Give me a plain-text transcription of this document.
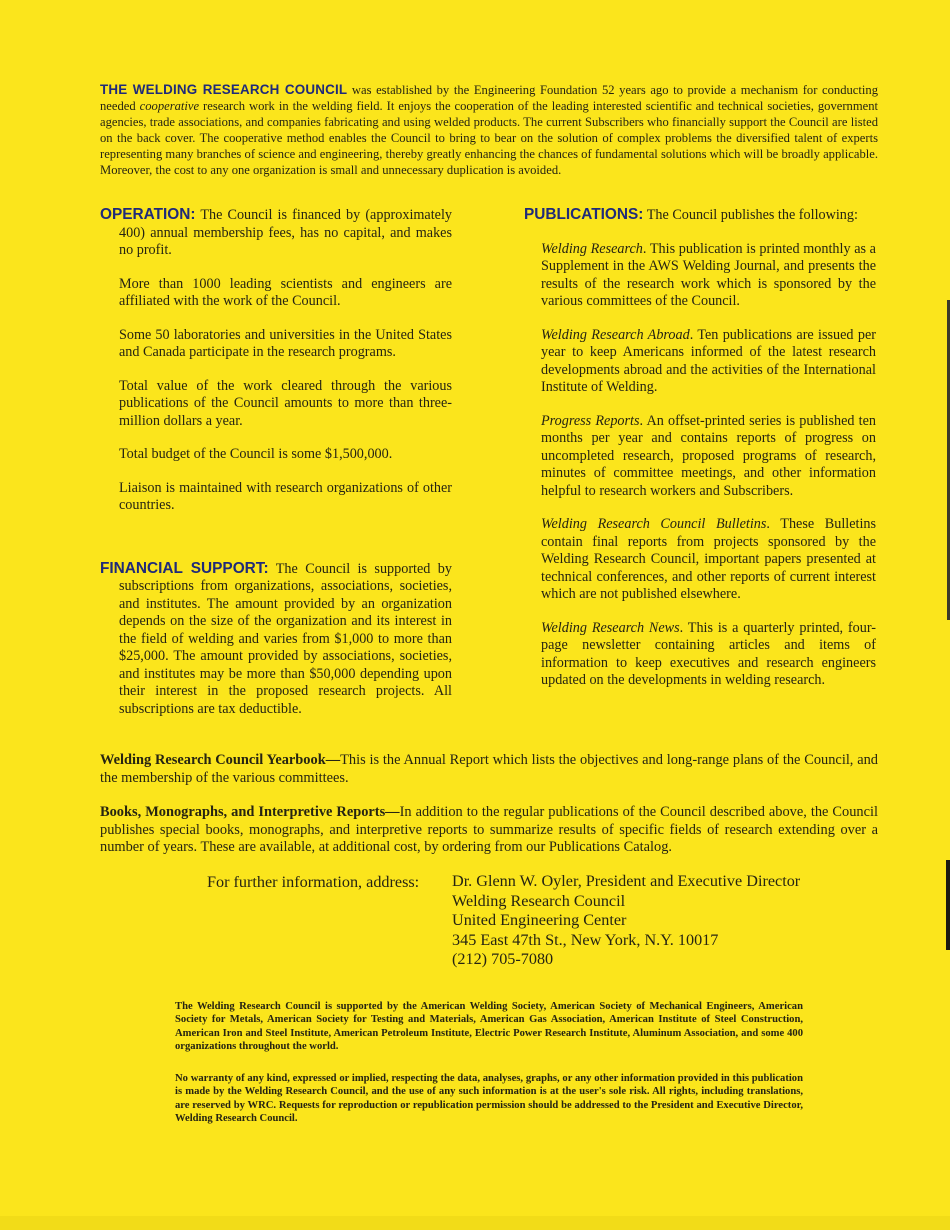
THE WELDING RESEARCH COUNCIL was established by the Engineering Foundation 52 years ago to provide a mechanism for conducting needed cooperative research work in the welding field. It enjoys the cooperation of the leading interested scientific and technical societies, government agencies, trade associations, and companies fabricating and using welded products. The current Subscribers who financially support the Council are listed on the back cover. The cooperative method enables the Council to bring to bear on the solution of complex problems the diversified talent of experts representing many branches of science and engineering, thereby greatly enhancing the chances of fundamental solutions which will be broadly applicable. Moreover, the cost to any one organization is small and unnecessary duplication is avoided.

OPERATION: The Council is financed by (approximately 400) annual membership fees, has no capital, and makes no profit.

More than 1000 leading scientists and engineers are affiliated with the work of the Council.

Some 50 laboratories and universities in the United States and Canada participate in the research programs.

Total value of the work cleared through the various publications of the Council amounts to more than three-million dollars a year.

Total budget of the Council is some $1,500,000.

Liaison is maintained with research organizations of other countries.

FINANCIAL SUPPORT: The Council is supported by subscriptions from organizations, associations, societies, and institutes. The amount provided by an organization depends on the size of the organization and its interest in the field of welding and varies from $1,000 to more than $25,000. The amount provided by associations, societies, and institutes may be more than $50,000 depending upon their interest in the proposed research projects. All subscriptions are tax deductible.

PUBLICATIONS: The Council publishes the following:

Welding Research. This publication is printed monthly as a Supplement in the AWS Welding Journal, and presents the results of the research work which is sponsored by the various committees of the Council.

Welding Research Abroad. Ten publications are issued per year to keep Americans informed of the latest research developments abroad and the activities of the International Institute of Welding.

Progress Reports. An offset-printed series is published ten months per year and contains reports of progress on uncompleted research, proposed programs of research, minutes of committee meetings, and other information helpful to research workers and Subscribers.

Welding Research Council Bulletins. These Bulletins contain final reports from projects sponsored by the Welding Research Council, important papers presented at technical conferences, and other reports of current interest which are not published elsewhere.

Welding Research News. This is a quarterly printed, four-page newsletter containing articles and items of information to keep executives and research engineers updated on the developments in welding research.

Welding Research Council Yearbook—This is the Annual Report which lists the objectives and long-range plans of the Council, and the membership of the various committees.
Books, Monographs, and Interpretive Reports—In addition to the regular publications of the Council described above, the Council publishes special books, monographs, and interpretive reports to summarize results of specific fields of research extending over a number of years. These are available, at additional cost, by ordering from our Publications Catalog.
For further information, address: Dr. Glenn W. Oyler, President and Executive Director
Welding Research Council
United Engineering Center
345 East 47th St., New York, N.Y. 10017
(212) 705-7080
The Welding Research Council is supported by the American Welding Society, American Society of Mechanical Engineers, American Society for Metals, American Society for Testing and Materials, American Gas Association, American Institute of Steel Construction, American Iron and Steel Institute, American Petroleum Institute, Electric Power Research Institute, Aluminum Association, and some 400 organizations throughout the world.
No warranty of any kind, expressed or implied, respecting the data, analyses, graphs, or any other information provided in this publication is made by the Welding Research Council, and the use of any such information is at the user's sole risk. All rights, including translations, are reserved by WRC. Requests for reproduction or republication permission should be addressed to the President and Executive Director, Welding Research Council.
